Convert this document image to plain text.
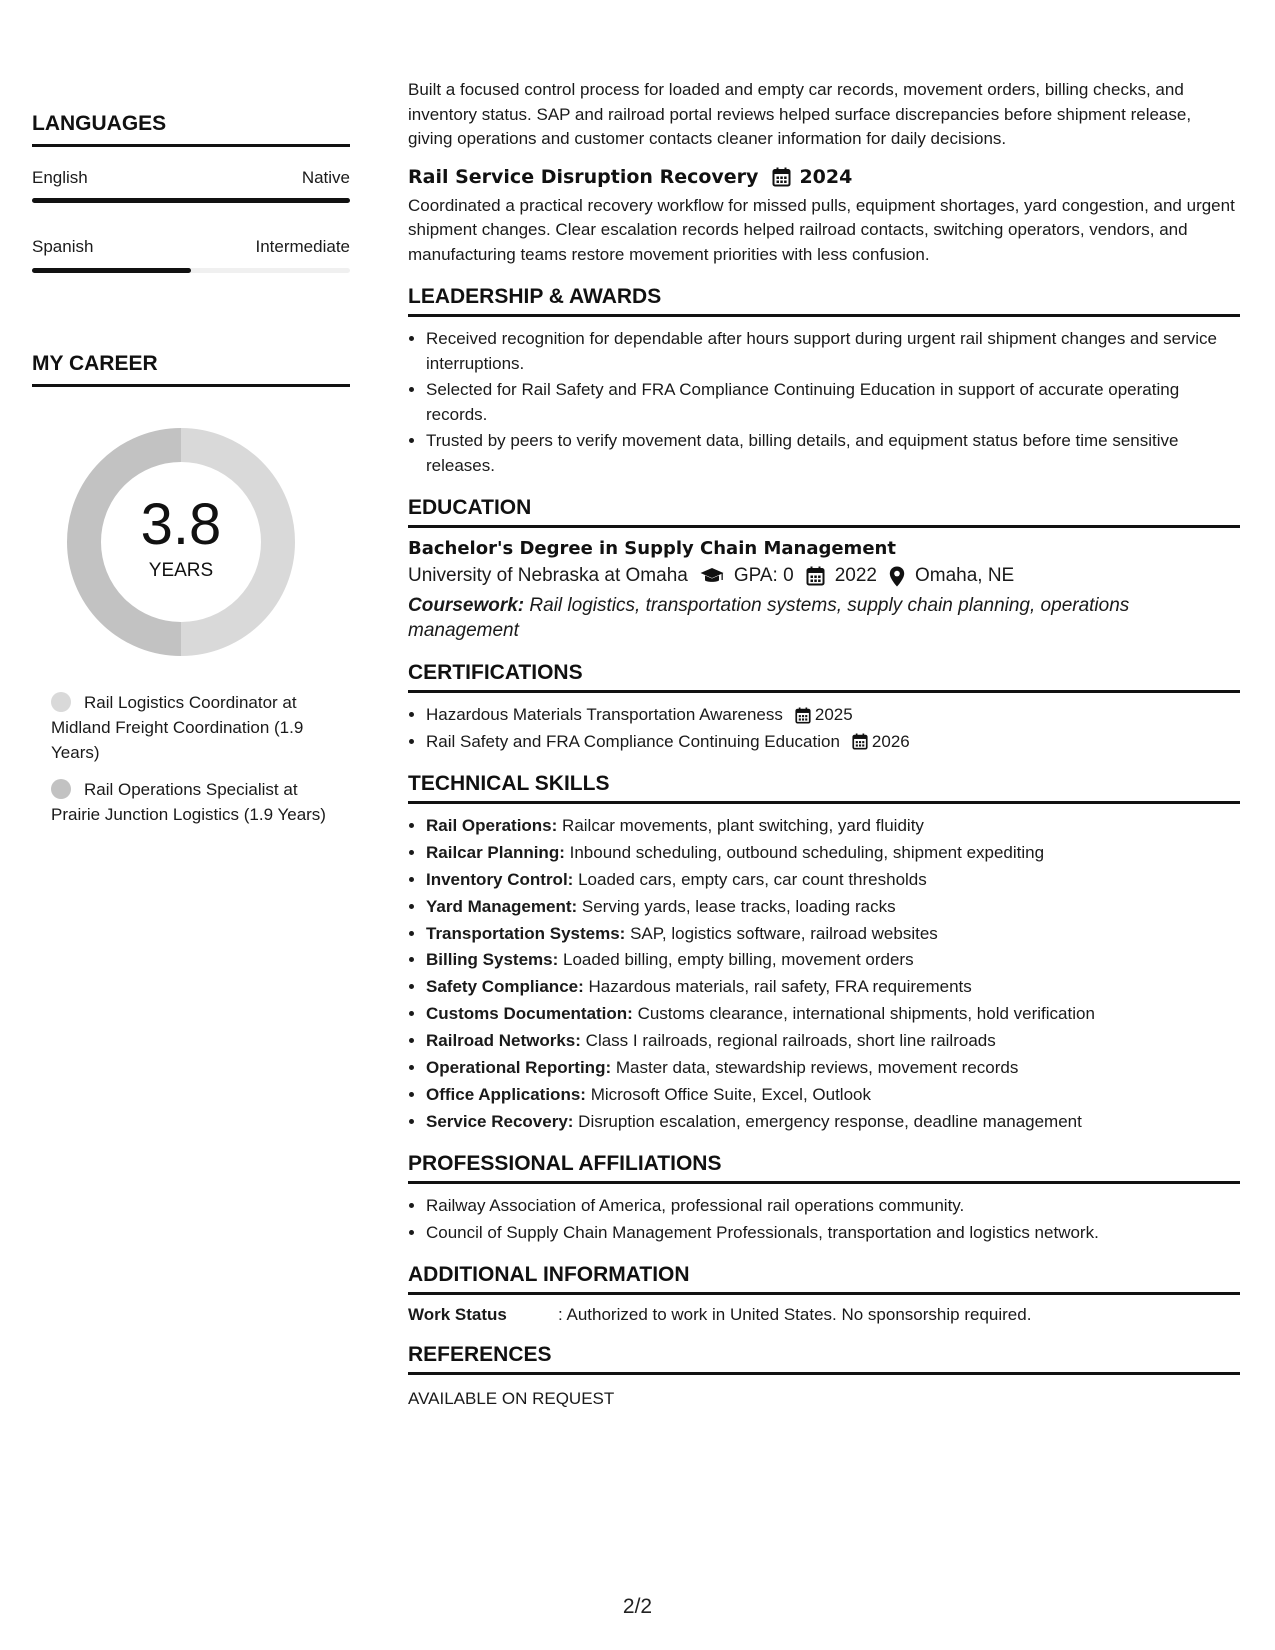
LANGUAGES
English	Native
Spanish	Intermediate
MY CAREER
3.8
YEARS
Rail Logistics Coordinator at Midland Freight Coordination (1.9 Years)
Rail Operations Specialist at Prairie Junction Logistics (1.9 Years)

Built a focused control process for loaded and empty car records, movement orders, billing checks, and inventory status. SAP and railroad portal reviews helped surface discrepancies before shipment release, giving operations and customer contacts cleaner information for daily decisions.

Rail Service Disruption Recovery 2024

Coordinated a practical recovery workflow for missed pulls, equipment shortages, yard congestion, and urgent shipment changes. Clear escalation records helped railroad contacts, switching operators, vendors, and manufacturing teams restore movement priorities with less confusion.

LEADERSHIP & AWARDS
• Received recognition for dependable after hours support during urgent rail shipment changes and service interruptions.
• Selected for Rail Safety and FRA Compliance Continuing Education in support of accurate operating records.
• Trusted by peers to verify movement data, billing details, and equipment status before time sensitive releases.
EDUCATION
Bachelor's Degree in Supply Chain Management
University of Nebraska at Omaha GPA: 0 2022 Omaha, NE

Coursework: Rail logistics, transportation systems, supply chain planning, operations management

CERTIFICATIONS
• Hazardous Materials Transportation Awareness 2025
• Rail Safety and FRA Compliance Continuing Education 2026
TECHNICAL SKILLS
• Rail Operations: Railcar movements, plant switching, yard fluidity
• Railcar Planning: Inbound scheduling, outbound scheduling, shipment expediting
• Inventory Control: Loaded cars, empty cars, car count thresholds
• Yard Management: Serving yards, lease tracks, loading racks
• Transportation Systems: SAP, logistics software, railroad websites
• Billing Systems: Loaded billing, empty billing, movement orders
• Safety Compliance: Hazardous materials, rail safety, FRA requirements
• Customs Documentation: Customs clearance, international shipments, hold verification
• Railroad Networks: Class I railroads, regional railroads, short line railroads
• Operational Reporting: Master data, stewardship reviews, movement records
• Office Applications: Microsoft Office Suite, Excel, Outlook
• Service Recovery: Disruption escalation, emergency response, deadline management
PROFESSIONAL AFFILIATIONS
• Railway Association of America, professional rail operations community.
• Council of Supply Chain Management Professionals, transportation and logistics network.
ADDITIONAL INFORMATION
Work Status	: Authorized to work in United States. No sponsorship required.
REFERENCES

AVAILABLE ON REQUEST

2/2
